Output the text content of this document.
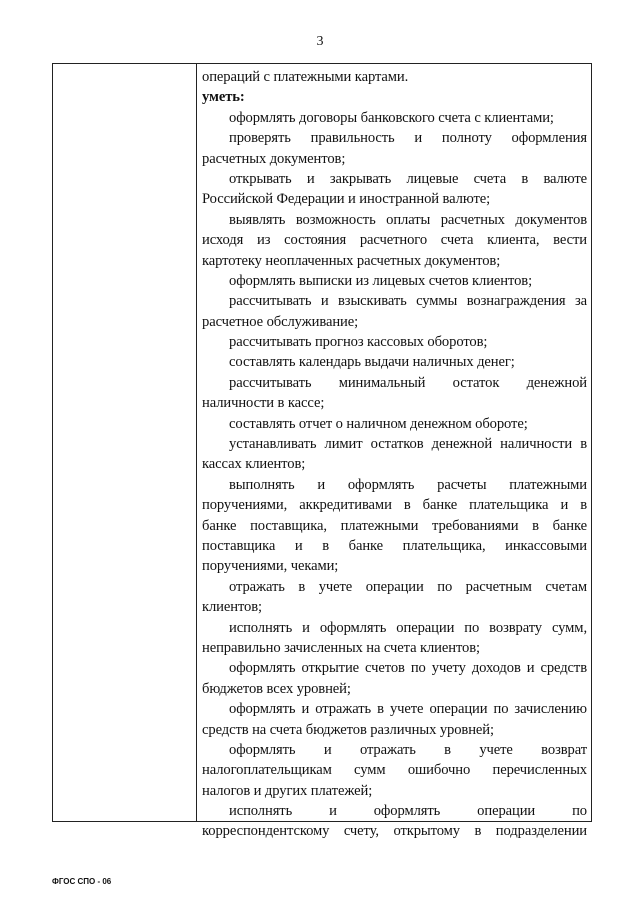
3
операций с платежными картами.
уметь:
оформлять договоры банковского счета с клиентами;
проверять правильность и полноту оформления
расчетных документов;
открывать и закрывать лицевые счета в валюте
Российской Федерации и иностранной валюте;
выявлять возможность оплаты расчетных документов
исходя из состояния расчетного счета клиента, вести
картотеку неоплаченных расчетных документов;
оформлять выписки из лицевых счетов клиентов;
рассчитывать и взыскивать суммы вознаграждения за
расчетное обслуживание;
рассчитывать прогноз кассовых оборотов;
составлять календарь выдачи наличных денег;
рассчитывать минимальный остаток денежной
наличности в кассе;
составлять отчет о наличном денежном обороте;
устанавливать лимит остатков денежной наличности в
кассах клиентов;
выполнять и оформлять расчеты платежными
поручениями, аккредитивами в банке плательщика и в
банке поставщика, платежными требованиями в банке
поставщика и в банке плательщика, инкассовыми
поручениями, чеками;
отражать в учете операции по расчетным счетам
клиентов;
исполнять и оформлять операции по возврату сумм,
неправильно зачисленных на счета клиентов;
оформлять открытие счетов по учету доходов и средств
бюджетов всех уровней;
оформлять и отражать в учете операции по зачислению
средств на счета бюджетов различных уровней;
оформлять и отражать в учете возврат
налогоплательщикам сумм ошибочно перечисленных
налогов и других платежей;
исполнять и оформлять операции по
корреспондентскому счету, открытому в подразделении
ФГОС СПО - 06
